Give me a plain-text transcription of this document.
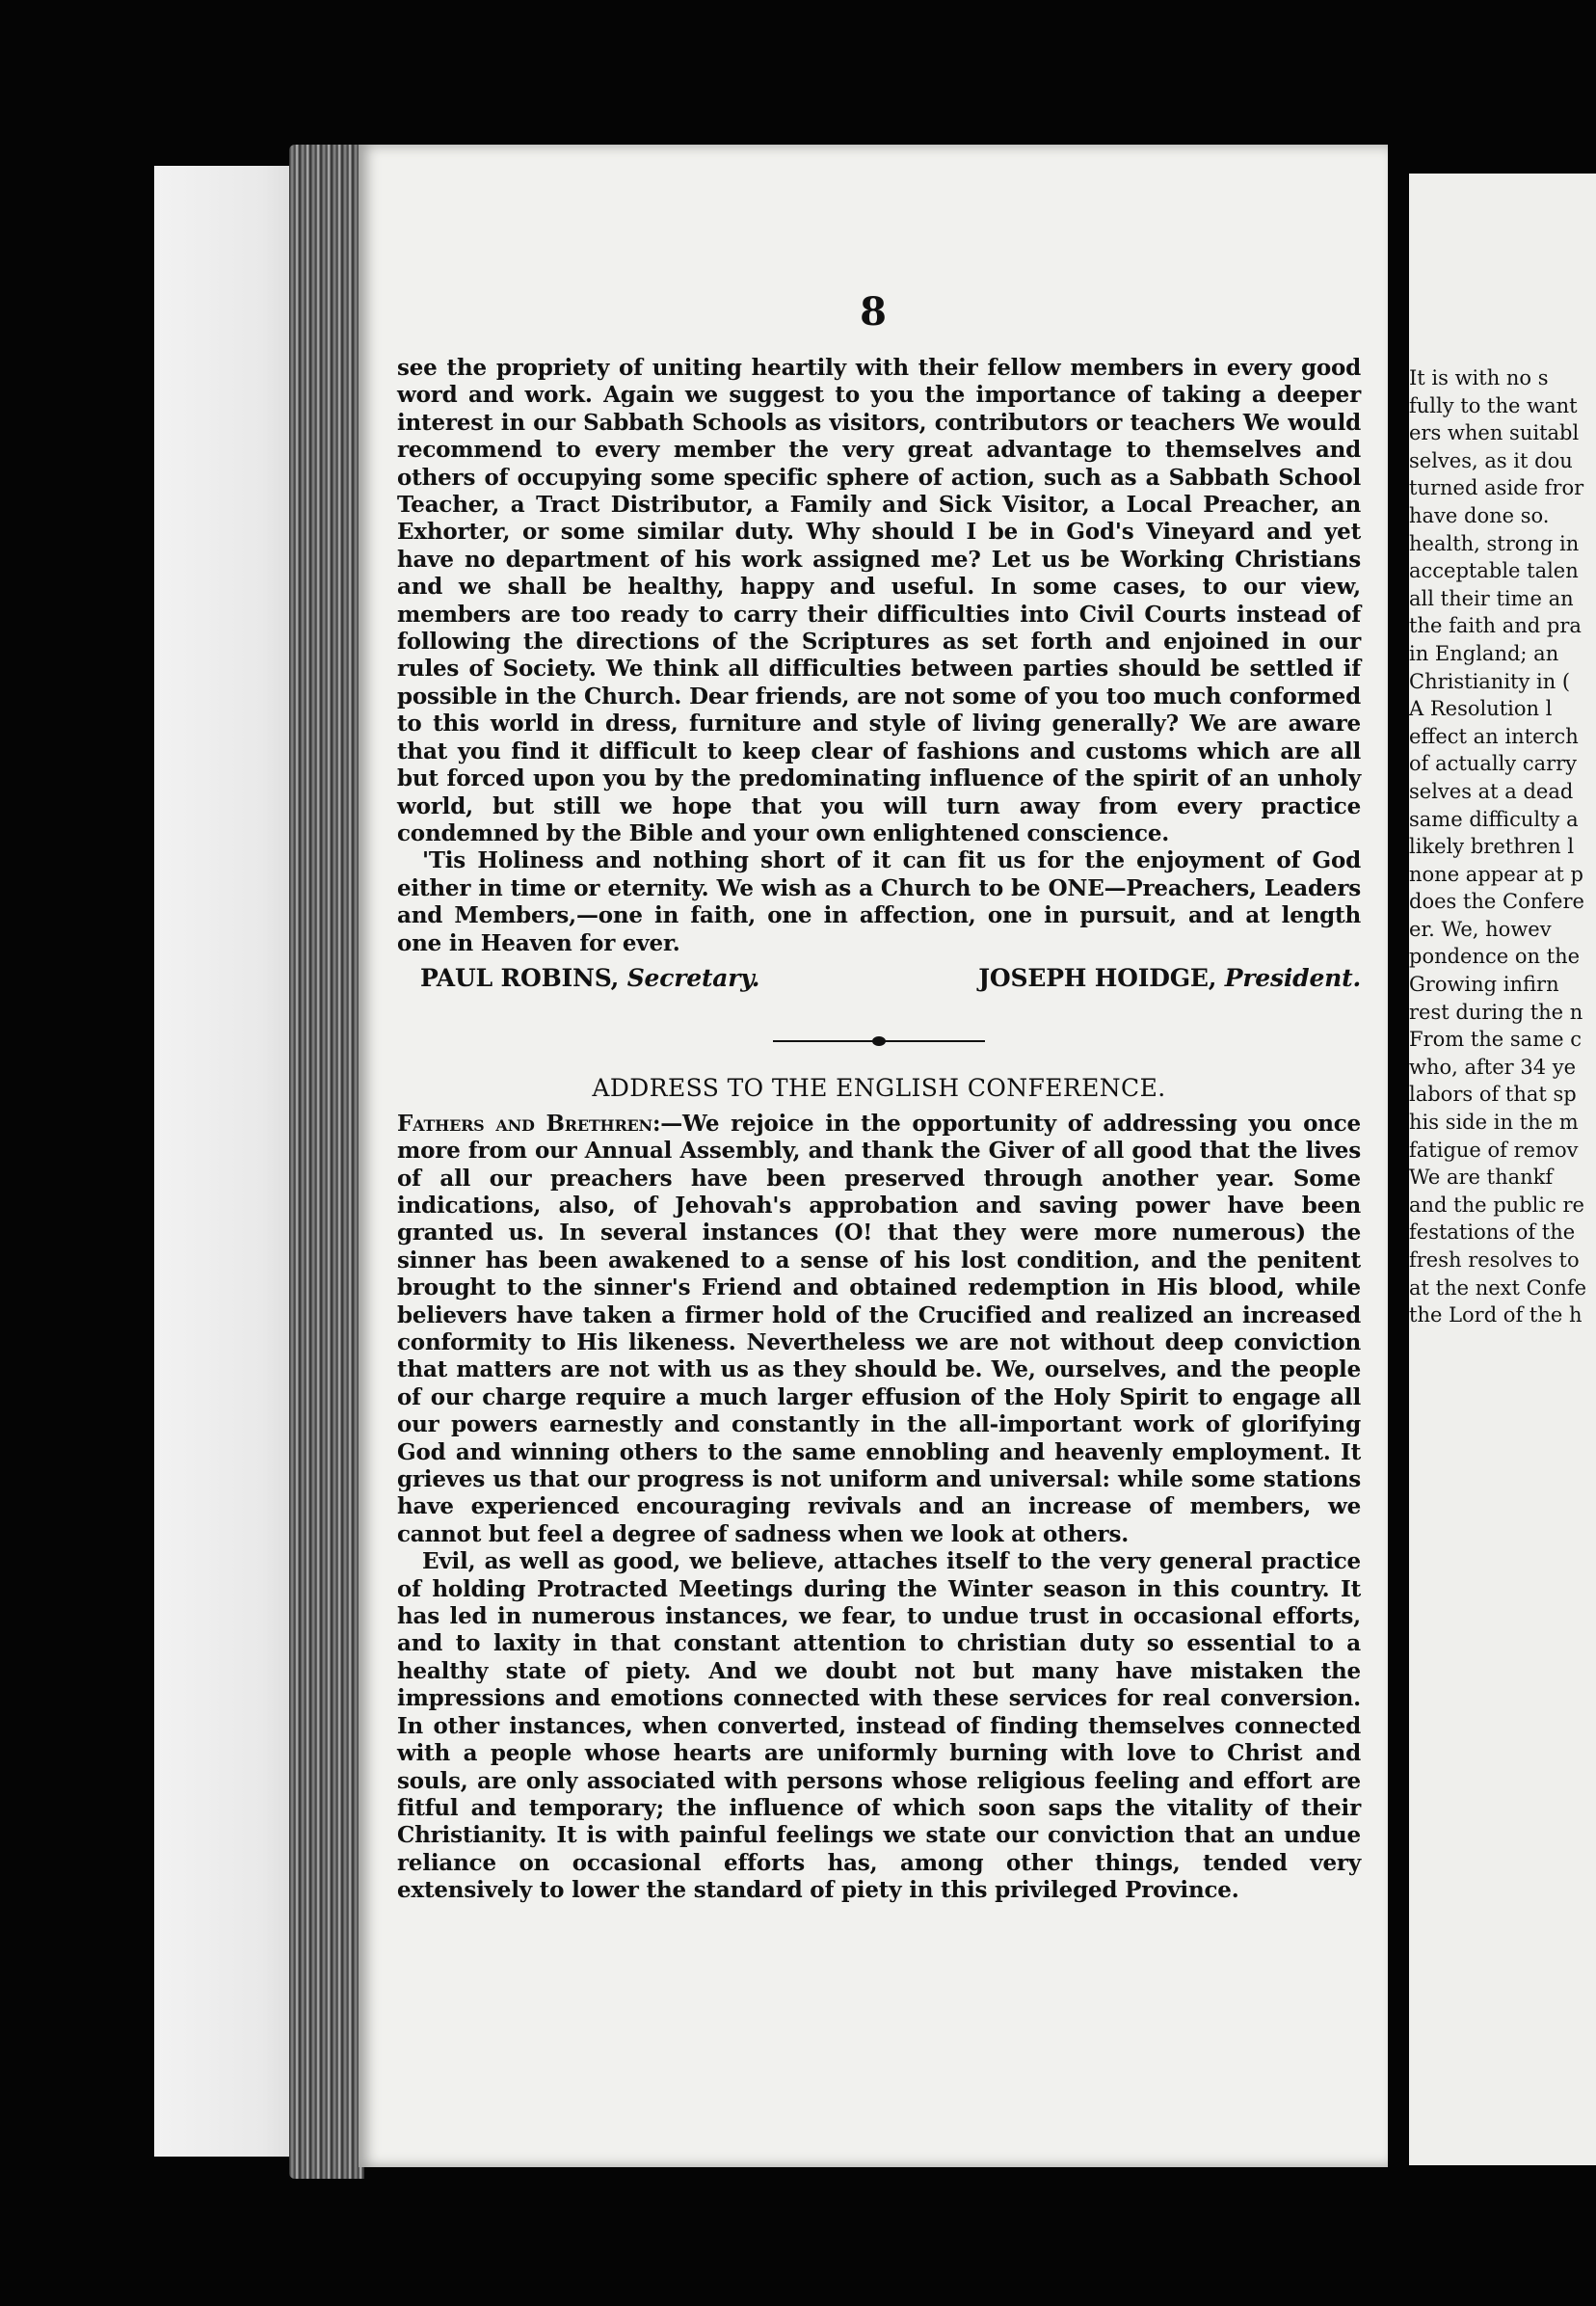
8

see the propriety of uniting heartily with their fellow members in every good word and work. Again we suggest to you the importance of taking a deeper interest in our Sabbath Schools as visitors, contributors or teachers We would recommend to every member the very great advantage to themselves and others of occupying some specific sphere of action, such as a Sabbath School Teacher, a Tract Distributor, a Family and Sick Visitor, a Local Preacher, an Exhorter, or some similar duty. Why should I be in God's Vineyard and yet have no department of his work assigned me? Let us be Working Christians and we shall be healthy, happy and useful. In some cases, to our view, members are too ready to carry their difficulties into Civil Courts instead of following the directions of the Scriptures as set forth and enjoined in our rules of Society. We think all difficulties between parties should be settled if possible in the Church. Dear friends, are not some of you too much conformed to this world in dress, furniture and style of living generally? We are aware that you find it difficult to keep clear of fashions and customs which are all but forced upon you by the predominating influence of the spirit of an unholy world, but still we hope that you will turn away from every practice condemned by the Bible and your own enlightened conscience.

'Tis Holiness and nothing short of it can fit us for the enjoyment of God either in time or eternity. We wish as a Church to be ONE—Preachers, Leaders and Members,—one in faith, one in affection, one in pursuit, and at length one in Heaven for ever.

PAUL ROBINS, Secretary.	JOSEPH HOIDGE, President.
ADDRESS TO THE ENGLISH CONFERENCE.

Fathers and Brethren:—We rejoice in the opportunity of addressing you once more from our Annual Assembly, and thank the Giver of all good that the lives of all our preachers have been preserved through another year. Some indications, also, of Jehovah's approbation and saving power have been granted us. In several instances (O! that they were more numerous) the sinner has been awakened to a sense of his lost condition, and the penitent brought to the sinner's Friend and obtained redemption in His blood, while believers have taken a firmer hold of the Crucified and realized an increased conformity to His likeness. Nevertheless we are not without deep conviction that matters are not with us as they should be. We, ourselves, and the people of our charge require a much larger effusion of the Holy Spirit to engage all our powers earnestly and constantly in the all-important work of glorifying God and winning others to the same ennobling and heavenly employment. It grieves us that our progress is not uniform and universal: while some stations have experienced encouraging revivals and an increase of members, we cannot but feel a degree of sadness when we look at others.

Evil, as well as good, we believe, attaches itself to the very general practice of holding Protracted Meetings during the Winter season in this country. It has led in numerous instances, we fear, to undue trust in occasional efforts, and to laxity in that constant attention to christian duty so essential to a healthy state of piety. And we doubt not but many have mistaken the impressions and emotions connected with these services for real conversion. In other instances, when converted, instead of finding themselves connected with a people whose hearts are uniformly burning with love to Christ and souls, are only associated with persons whose religious feeling and effort are fitful and temporary; the influence of which soon saps the vitality of their Christianity. It is with painful feelings we state our conviction that an undue reliance on occasional efforts has, among other things, tended very extensively to lower the standard of piety in this privileged Province.

It is with no s
fully to the want
ers when suitabl
selves, as it dou
turned aside fror
have done so.
health, strong in
acceptable talen
all their time an
the faith and pra
in England; an
Christianity in (
A Resolution l
effect an interch
of actually carry
selves at a dead
same difficulty a
likely brethren l
none appear at p
does the Confere
er. We, howev
pondence on the
Growing infirn
rest during the n
From the same c
who, after 34 ye
labors of that sp
his side in the m
fatigue of remov
We are thankf
and the public re
festations of the
fresh resolves to
at the next Confe
the Lord of the h
